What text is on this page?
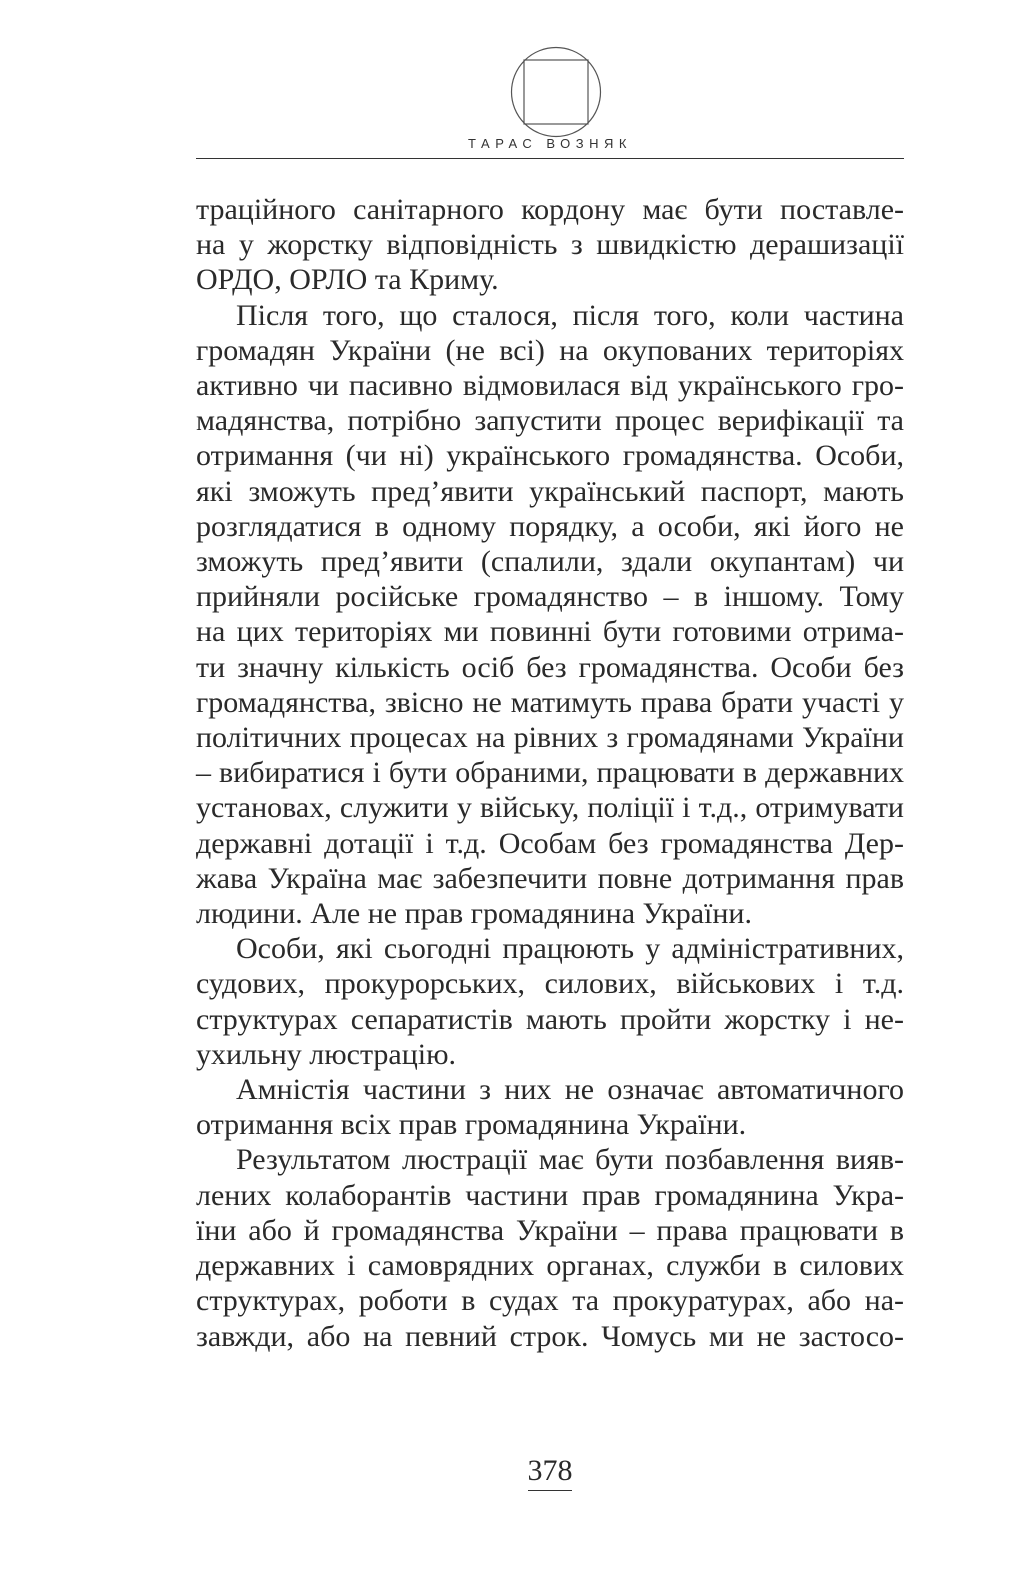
ТАРАС ВОЗНЯК

траційного санітарного кордону має бути поставле-

на у жорстку відповідність з швидкістю дерашизації

ОРДО, ОРЛО та Криму.

Після того, що сталося, після того, коли частина

громадян України (не всі) на окупованих територіях

активно чи пасивно відмовилася від українського гро-

мадянства, потрібно запустити процес верифікації та

отримання (чи ні) українського громадянства. Особи,

які зможуть пред’явити український паспорт, мають

розглядатися в одному порядку, а особи, які його не

зможуть пред’явити (спалили, здали окупантам) чи

прийняли російське громадянство – в іншому. Тому

на цих територіях ми повинні бути готовими отрима-

ти значну кількість осіб без громадянства. Особи без

громадянства, звісно не матимуть права брати участі у

політичних процесах на рівних з громадянами України

– вибиратися і бути обраними, працювати в державних

установах, служити у війську, поліції і т.д., отримувати

державні дотації і т.д. Особам без громадянства Дер-

жава Україна має забезпечити повне дотримання прав

людини. Але не прав громадянина України.

Особи, які сьогодні працюють у адміністративних,

судових, прокурорських, силових, військових і т.д.

структурах сепаратистів мають пройти жорстку і не-

ухильну люстрацію.

Амністія частини з них не означає автоматичного

отримання всіх прав громадянина України.

Результатом люстрації має бути позбавлення вияв-

лених колаборантів частини прав громадянина Укра-

їни або й громадянства України – права працювати в

державних і самоврядних органах, служби в силових

структурах, роботи в судах та прокуратурах, або на-

завжди, або на певний строк. Чомусь ми не застосо-

378
